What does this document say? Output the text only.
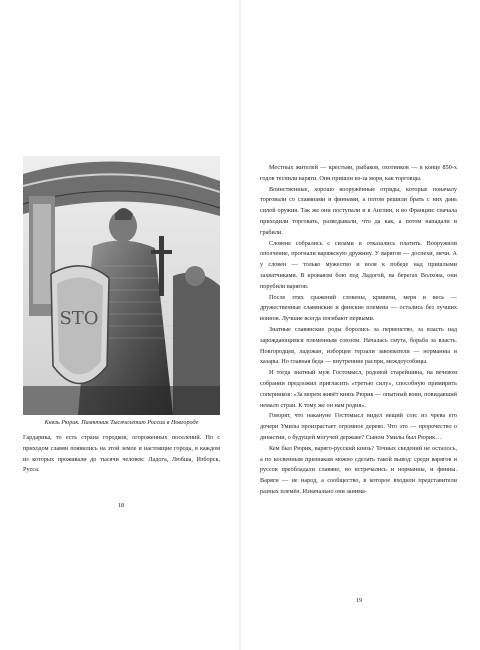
STO
Князь Рюрик. Памятник Тысячелетию России в Новгороде

Гардарика, то есть страна городков, огороженных поселений. Но с приходом славян появились на этой земле и настоящие города, в каждом из которых проживали до тысячи человек: Ладога, Любша, Изборск, Русса.

18
19

Местных жителей — крестьян, рыбаков, охотников — в конце 850-х годов теснили варяги. Они пришли из-за моря, как торговцы.

Воинственные, хорошо вооружённые отряды, которые поначалу торговали со славянами и финнами, а потом решили брать с них дань силой оружия. Так же они поступали и в Англии, и во Франции: сначала приходили торговать, разведывали, что да как, а потом нападали и грабили.

Словене собрались с силами и отказались платить. Вооружили ополчение, прогнали варяжскую дружину. У варягов — доспехи, мечи. А у словен — только мужество и воля к победе над пришлыми захватчиками. В кровавом бою под Ладогой, на берегах Волхова, они порубили варягов.

После этих сражений словены, кривичи, меря и весь — дружественные славянские и финские племена — остались без лучших воинов. Лучшие всегда погибают первыми.

Знатные славянские роды боролись за первенство, за власть над зарождающимся племенным союзом. Началась смута, борьба за власть. Новгородцев, ладожан, изборцев терзали завоеватели — норманны и хазары. Но главная беда — внутренние распри, междоусобицы.

И тогда знатный муж Гостомысл, родовой старейшина, на вечевом собрании предложил пригласить «третью силу», способную примирить соперников: «За морем живёт князь Рюрик — опытный воин, повидавший немало стран. К тому же он нам родня».

Говорят, что накануне Гостомысл видел вещий сон: из чрева его дочери Умилы произрастает огромное дерево. Что это — пророчество о династии, о будущей могучей державе? Сыном Умилы был Рюрик…

Кем был Рюрик, варяго-русский князь? Точных сведений не осталось, а по косвенным признакам можно сделать такой вывод: среди варягов и руссов преобладали славяне, но встречались и норманны, и финны. Варяги — не народ, а сообщество, в которое входили представители разных племён. Изначально они занима-
